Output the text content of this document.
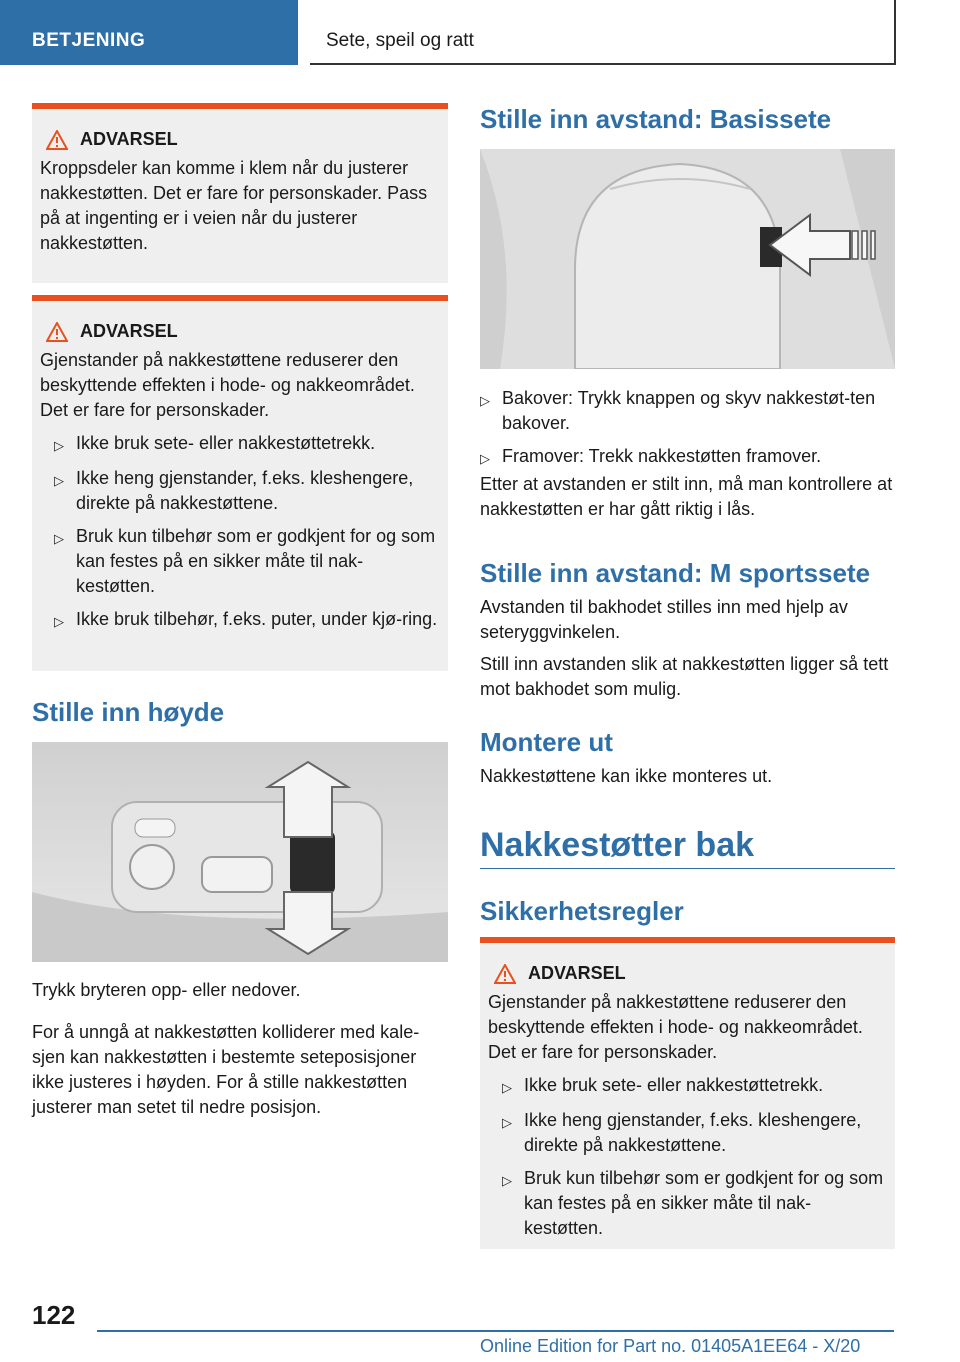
BETJENING	Sete, speil og ratt
ADVARSEL
Kroppsdeler kan komme i klem når du justerer nakkestøtten. Det er fare for personskader. Pass på at ingenting er i veien når du justerer nakkestøtten.
ADVARSEL
Gjenstander på nakkestøttene reduserer den beskyttende effekten i hode- og nakkeområdet. Det er fare for personskader.
▷ Ikke bruk sete- eller nakkestøttetrekk.
▷ Ikke heng gjenstander, f.eks. kleshengere, direkte på nakkestøttene.
▷ Bruk kun tilbehør som er godkjent for og som kan festes på en sikker måte til nak-kestøtten.
▷ Ikke bruk tilbehør, f.eks. puter, under kjø-ring.
Stille inn høyde
Trykk bryteren opp- eller nedover.
For å unngå at nakkestøtten kolliderer med kale-sjen kan nakkestøtten i bestemte seteposisjoner ikke justeres i høyden. For å stille nakkestøtten justerer man setet til nedre posisjon.
Stille inn avstand: Basissete
▷ Bakover: Trykk knappen og skyv nakkestøt-ten bakover.
▷ Framover: Trekk nakkestøtten framover.
Etter at avstanden er stilt inn, må man kontrollere at nakkestøtten er har gått riktig i lås.
Stille inn avstand: M sportssete
Avstanden til bakhodet stilles inn med hjelp av seteryggvinkelen.
Still inn avstanden slik at nakkestøtten ligger så tett mot bakhodet som mulig.
Montere ut
Nakkestøttene kan ikke monteres ut.
Nakkestøtter bak
Sikkerhetsregler
ADVARSEL
Gjenstander på nakkestøttene reduserer den beskyttende effekten i hode- og nakkeområdet. Det er fare for personskader.
▷ Ikke bruk sete- eller nakkestøttetrekk.
▷ Ikke heng gjenstander, f.eks. kleshengere, direkte på nakkestøttene.
▷ Bruk kun tilbehør som er godkjent for og som kan festes på en sikker måte til nak-kestøtten.
122
Online Edition for Part no. 01405A1EE64 - X/20
